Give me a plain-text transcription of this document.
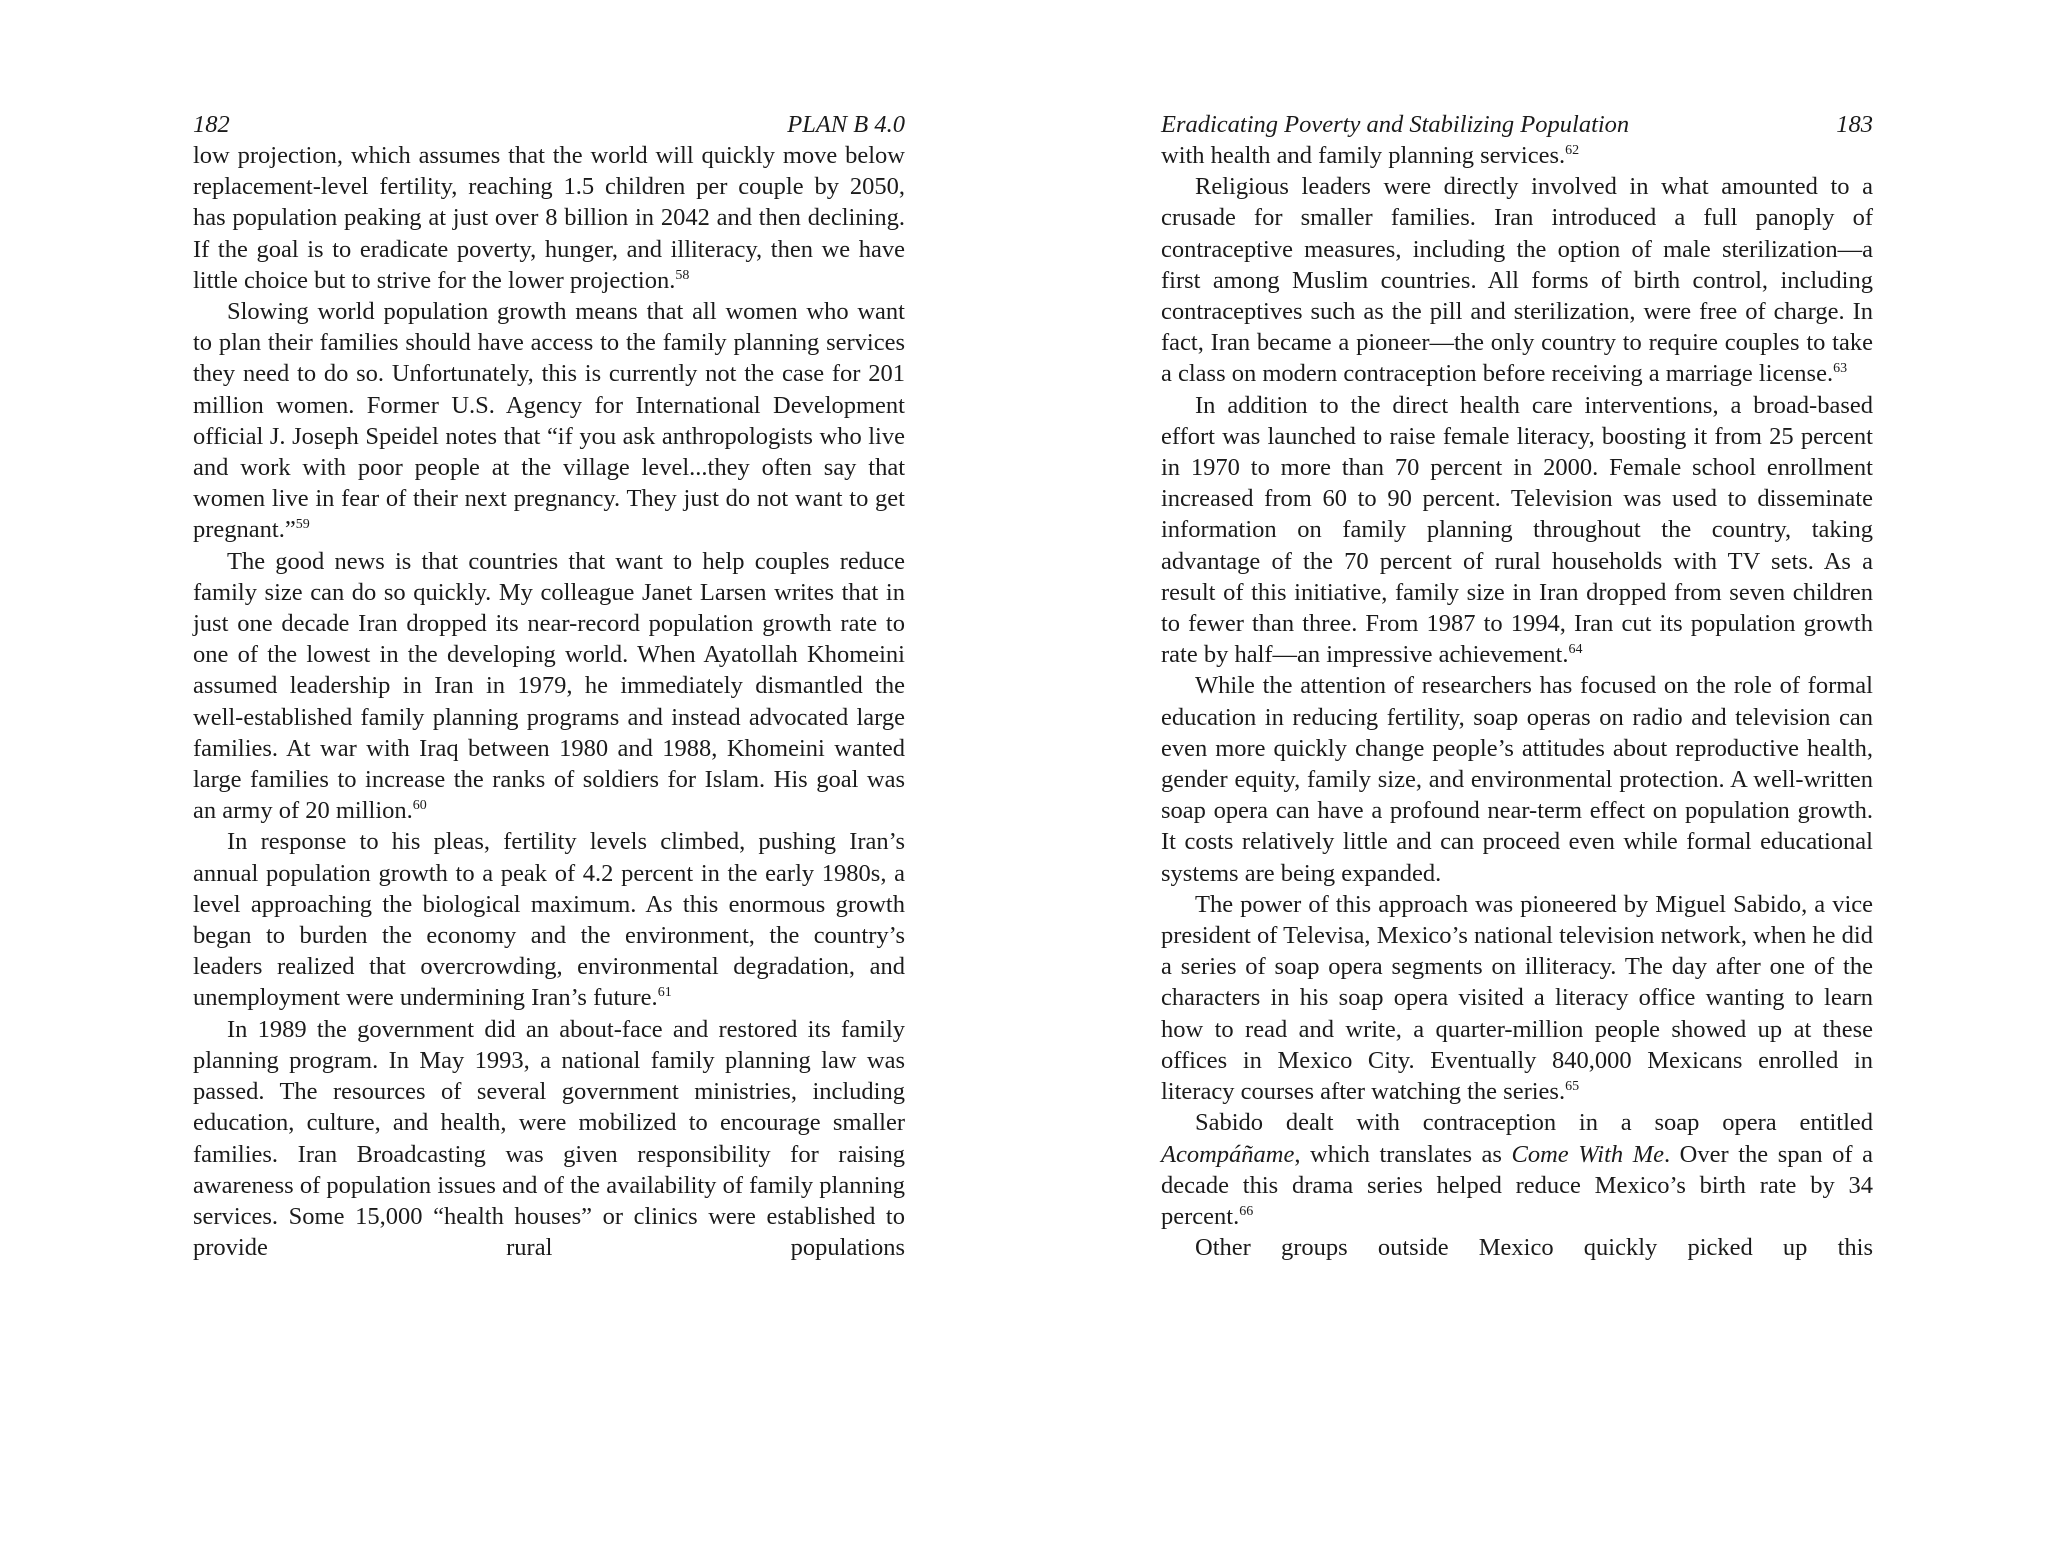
182	PLAN B 4.0

low projection, which assumes that the world will quickly move below replacement-level fertility, reaching 1.5 children per couple by 2050, has population peaking at just over 8 billion in 2042 and then declining. If the goal is to eradicate poverty, hunger, and illiteracy, then we have little choice but to strive for the lower projection.$^{58}$

Slowing world population growth means that all women who want to plan their families should have access to the family planning services they need to do so. Unfortunately, this is currently not the case for 201 million women. Former U.S. Agency for International Development official J. Joseph Speidel notes that “if you ask anthropologists who live and work with poor people at the village level...they often say that women live in fear of their next pregnancy. They just do not want to get pregnant.”$^{59}$

The good news is that countries that want to help couples reduce family size can do so quickly. My colleague Janet Larsen writes that in just one decade Iran dropped its near-record population growth rate to one of the lowest in the developing world. When Ayatollah Khomeini assumed leadership in Iran in 1979, he immediately dismantled the well-established family planning programs and instead advocated large families. At war with Iraq between 1980 and 1988, Khomeini wanted large families to increase the ranks of soldiers for Islam. His goal was an army of 20 million.$^{60}$

In response to his pleas, fertility levels climbed, pushing Iran’s annual population growth to a peak of 4.2 percent in the early 1980s, a level approaching the biological maximum. As this enormous growth began to burden the economy and the environment, the country’s leaders realized that overcrowding, environmental degradation, and unemployment were undermining Iran’s future.$^{61}$

In 1989 the government did an about-face and restored its family planning program. In May 1993, a national family planning law was passed. The resources of several government ministries, including education, culture, and health, were mobilized to encourage smaller families. Iran Broadcasting was given responsibility for raising awareness of population issues and of the availability of family planning services. Some 15,000 “health houses” or clinics were established to provide rural populations

Eradicating Poverty and Stabilizing Population	183

with health and family planning services.$^{62}$

Religious leaders were directly involved in what amounted to a crusade for smaller families. Iran introduced a full panoply of contraceptive measures, including the option of male sterilization—a first among Muslim countries. All forms of birth control, including contraceptives such as the pill and sterilization, were free of charge. In fact, Iran became a pioneer—the only country to require couples to take a class on modern contraception before receiving a marriage license.$^{63}$

In addition to the direct health care interventions, a broad-based effort was launched to raise female literacy, boosting it from 25 percent in 1970 to more than 70 percent in 2000. Female school enrollment increased from 60 to 90 percent. Television was used to disseminate information on family planning throughout the country, taking advantage of the 70 percent of rural households with TV sets. As a result of this initiative, family size in Iran dropped from seven children to fewer than three. From 1987 to 1994, Iran cut its population growth rate by half—an impressive achievement.$^{64}$

While the attention of researchers has focused on the role of formal education in reducing fertility, soap operas on radio and television can even more quickly change people’s attitudes about reproductive health, gender equity, family size, and environmental protection. A well-written soap opera can have a profound near-term effect on population growth. It costs relatively little and can proceed even while formal educational systems are being expanded.

The power of this approach was pioneered by Miguel Sabido, a vice president of Televisa, Mexico’s national television network, when he did a series of soap opera segments on illiteracy. The day after one of the characters in his soap opera visited a literacy office wanting to learn how to read and write, a quarter-million people showed up at these offices in Mexico City. Eventually 840,000 Mexicans enrolled in literacy courses after watching the series.$^{65}$

Sabido dealt with contraception in a soap opera entitled Acompáñame, which translates as Come With Me. Over the span of a decade this drama series helped reduce Mexico’s birth rate by 34 percent.$^{66}$

Other groups outside Mexico quickly picked up this
